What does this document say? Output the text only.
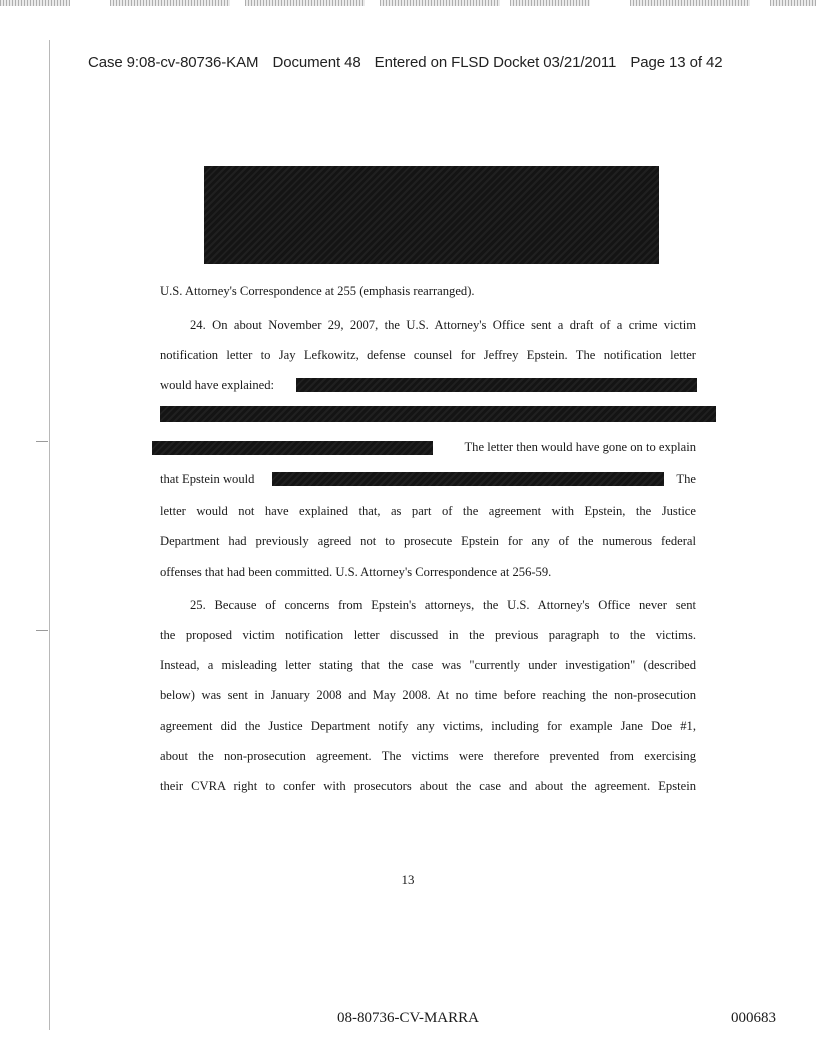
Case 9:08-cv-80736-KAM Document 48 Entered on FLSD Docket 03/21/2011 Page 13 of 42
U.S. Attorney's Correspondence at 255 (emphasis rearranged).
24. On about November 29, 2007, the U.S. Attorney's Office sent a draft of a crime victim
notification letter to Jay Lefkowitz, defense counsel for Jeffrey Epstein. The notification letter
would have explained:
The letter then would have gone on to explain
that Epstein would	The
letter would not have explained that, as part of the agreement with Epstein, the Justice
Department had previously agreed not to prosecute Epstein for any of the numerous federal
offenses that had been committed. U.S. Attorney's Correspondence at 256-59.
25. Because of concerns from Epstein's attorneys, the U.S. Attorney's Office never sent
the proposed victim notification letter discussed in the previous paragraph to the victims.
Instead, a misleading letter stating that the case was "currently under investigation" (described
below) was sent in January 2008 and May 2008. At no time before reaching the non-prosecution
agreement did the Justice Department notify any victims, including for example Jane Doe #1,
about the non-prosecution agreement. The victims were therefore prevented from exercising
their CVRA right to confer with prosecutors about the case and about the agreement. Epstein
13
08-80736-CV-MARRA	000683
